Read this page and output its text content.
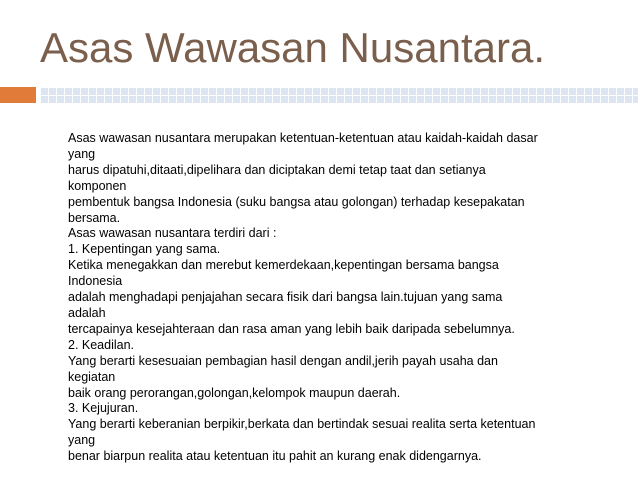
Asas Wawasan Nusantara.
Asas wawasan nusantara merupakan ketentuan-ketentuan atau kaidah-kaidah dasar
yang
harus dipatuhi,ditaati,dipelihara dan diciptakan demi tetap taat dan setianya
komponen
pembentuk bangsa Indonesia (suku bangsa atau golongan) terhadap kesepakatan
bersama.
Asas wawasan nusantara terdiri dari :
1. Kepentingan yang sama.
Ketika menegakkan dan merebut kemerdekaan,kepentingan bersama bangsa
Indonesia
adalah menghadapi penjajahan secara fisik dari bangsa lain.tujuan yang sama
adalah
tercapainya kesejahteraan dan rasa aman yang lebih baik daripada sebelumnya.
2. Keadilan.
Yang berarti kesesuaian pembagian hasil dengan andil,jerih payah usaha dan
kegiatan
baik orang perorangan,golongan,kelompok maupun daerah.
3. Kejujuran.
Yang berarti keberanian berpikir,berkata dan bertindak sesuai realita serta ketentuan
yang
benar biarpun realita atau ketentuan itu pahit an kurang enak didengarnya.
